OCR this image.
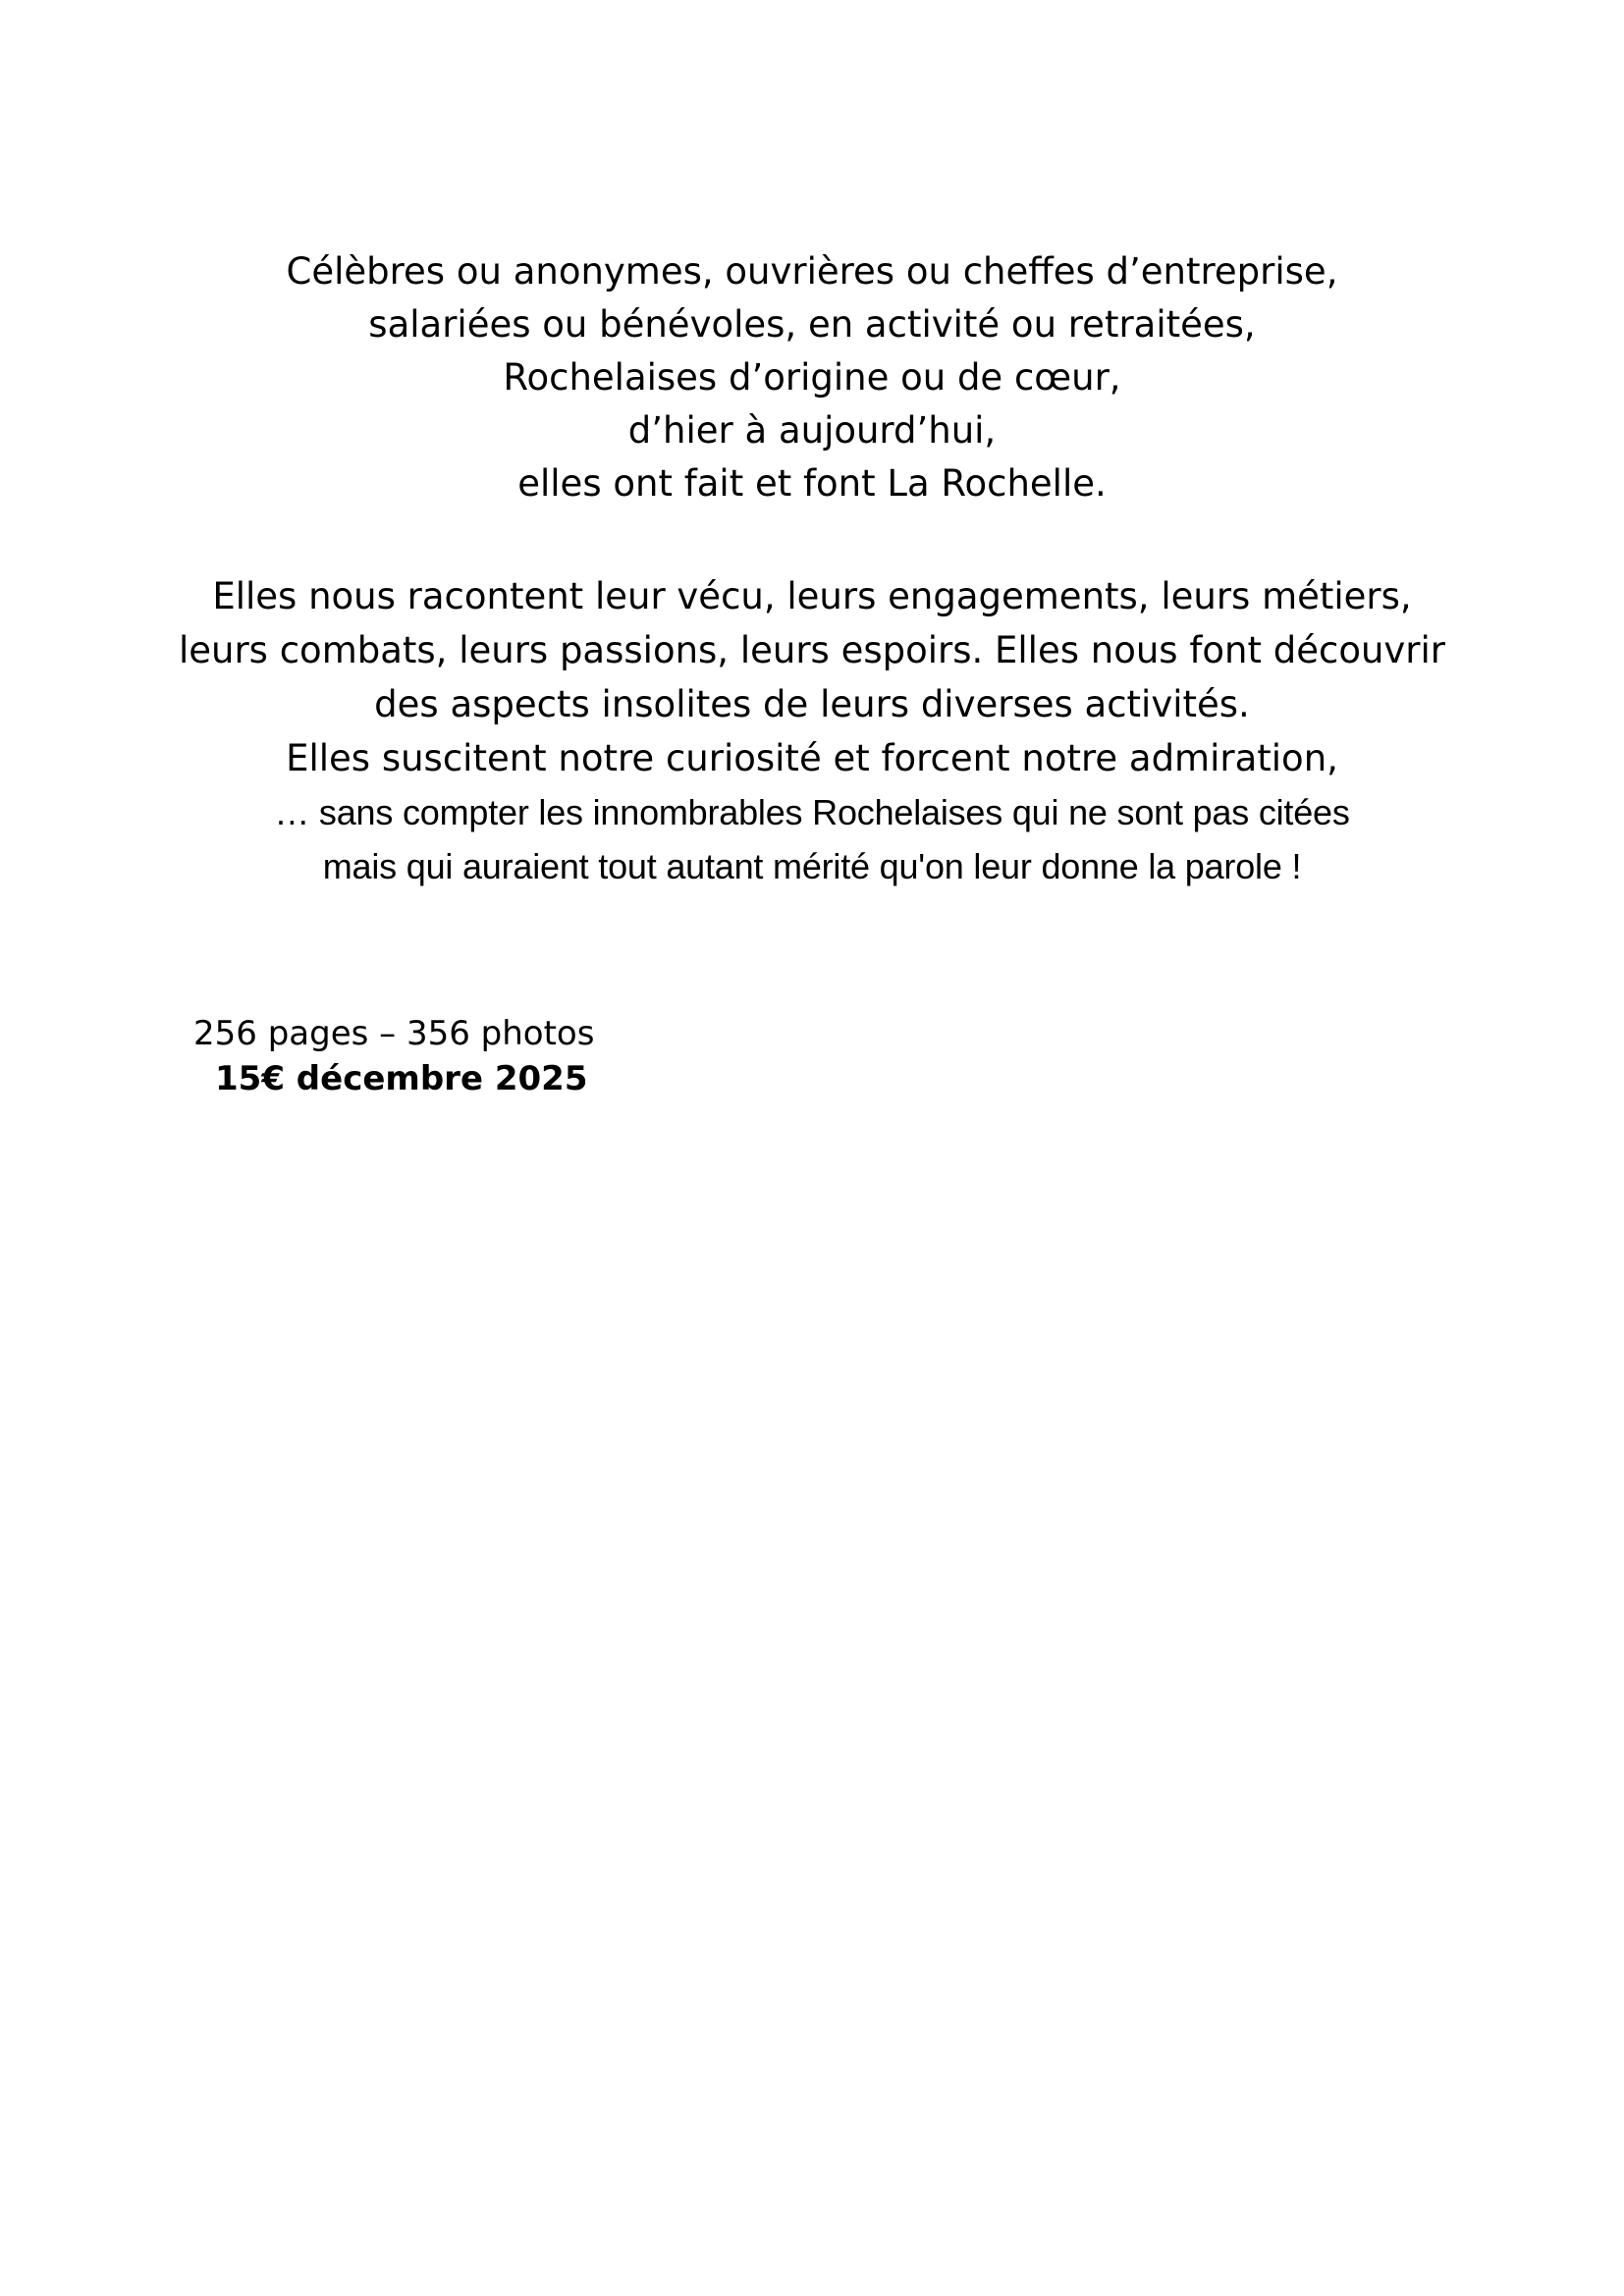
Célèbres ou anonymes, ouvrières ou cheffes d’entreprise,
salariées ou bénévoles, en activité ou retraitées,
Rochelaises d’origine ou de cœur,
d’hier à aujourd’hui,
elles ont fait et font La Rochelle.
Elles nous racontent leur vécu, leurs engagements, leurs métiers,
leurs combats, leurs passions, leurs espoirs. Elles nous font découvrir
des aspects insolites de leurs diverses activités.
Elles suscitent notre curiosité et forcent notre admiration,
… sans compter les innombrables Rochelaises qui ne sont pas citées
mais qui auraient tout autant mérité qu'on leur donne la parole !
256 pages – 356 photos
15€ décembre 2025
